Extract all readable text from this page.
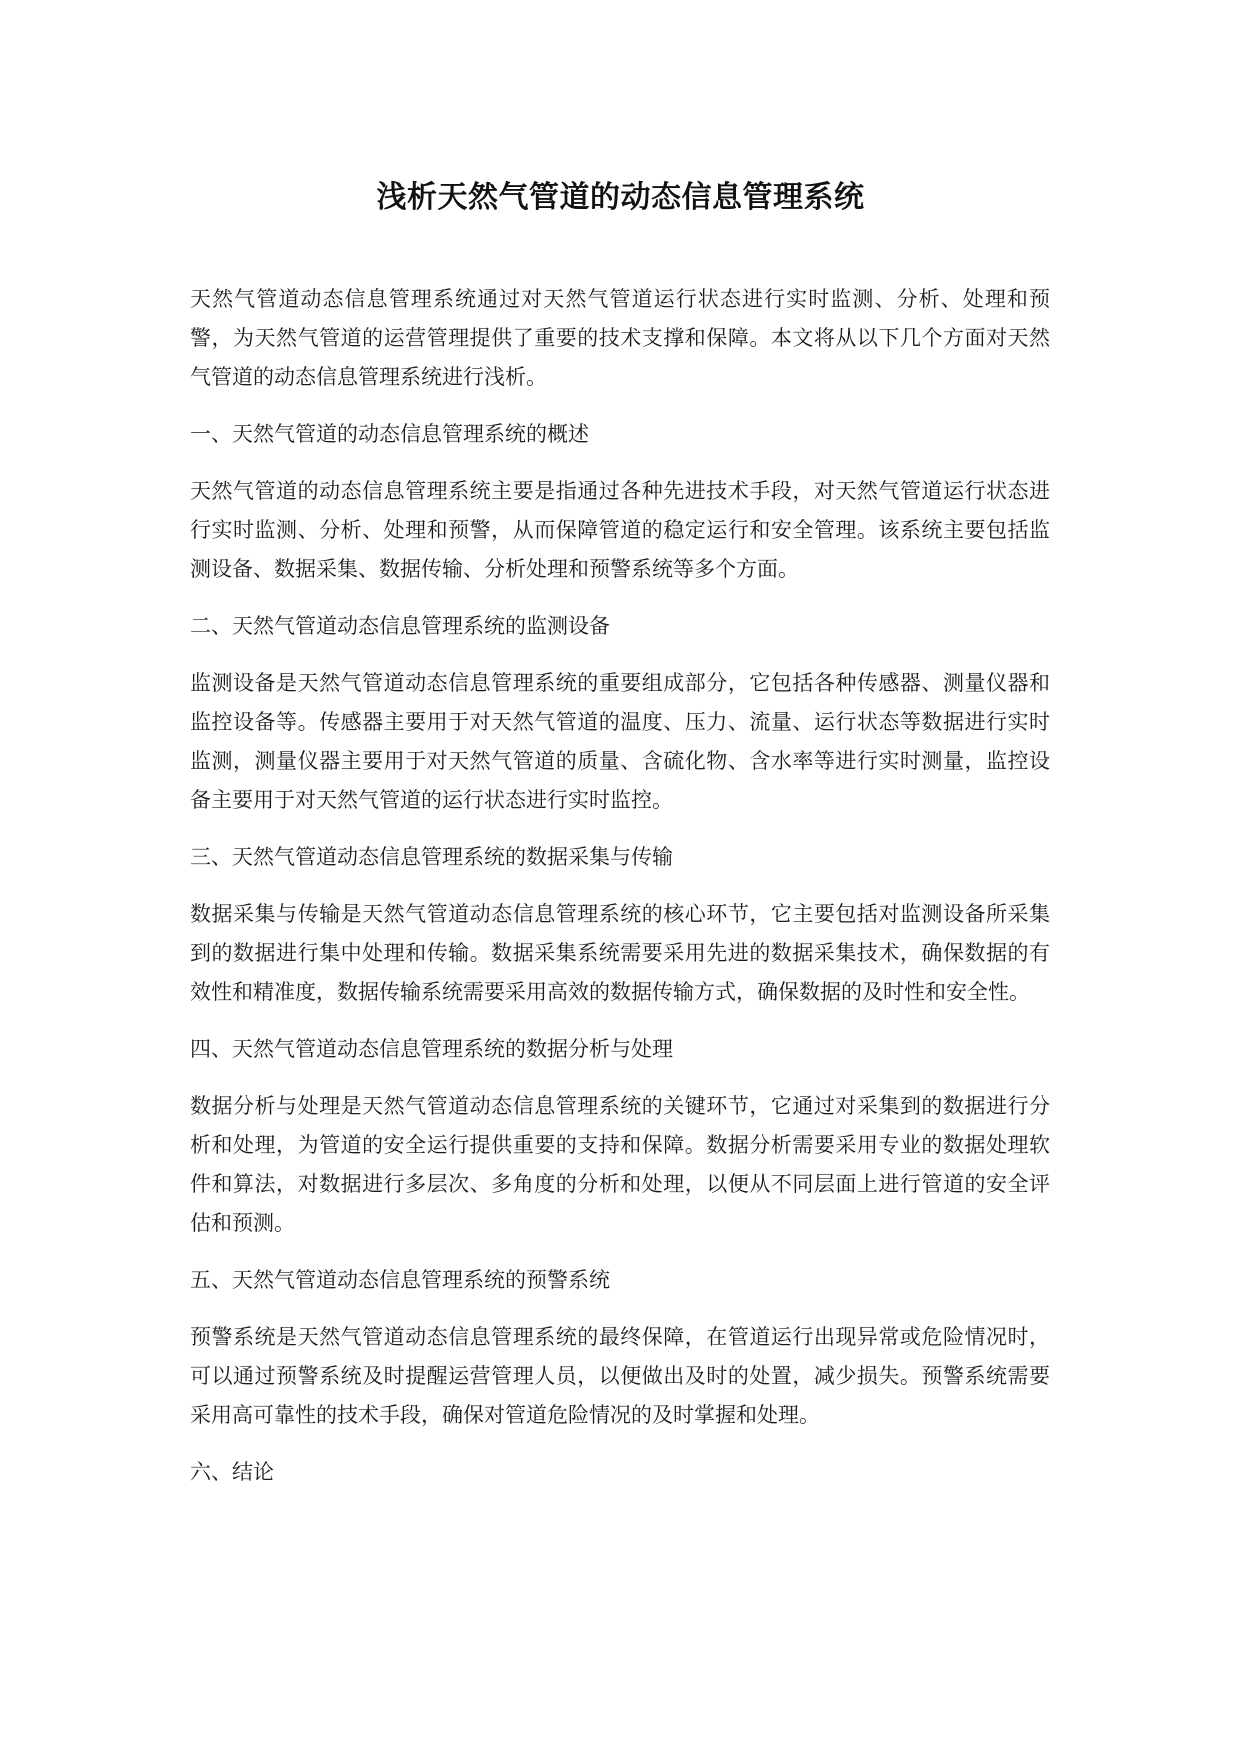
浅析天然气管道的动态信息管理系统

天然气管道动态信息管理系统通过对天然气管道运行状态进行实时监测、分析、处理和预警，为天然气管道的运营管理提供了重要的技术支撑和保障。本文将从以下几个方面对天然气管道的动态信息管理系统进行浅析。

一、天然气管道的动态信息管理系统的概述

天然气管道的动态信息管理系统主要是指通过各种先进技术手段，对天然气管道运行状态进行实时监测、分析、处理和预警，从而保障管道的稳定运行和安全管理。该系统主要包括监测设备、数据采集、数据传输、分析处理和预警系统等多个方面。

二、天然气管道动态信息管理系统的监测设备

监测设备是天然气管道动态信息管理系统的重要组成部分，它包括各种传感器、测量仪器和监控设备等。传感器主要用于对天然气管道的温度、压力、流量、运行状态等数据进行实时监测，测量仪器主要用于对天然气管道的质量、含硫化物、含水率等进行实时测量，监控设备主要用于对天然气管道的运行状态进行实时监控。

三、天然气管道动态信息管理系统的数据采集与传输

数据采集与传输是天然气管道动态信息管理系统的核心环节，它主要包括对监测设备所采集到的数据进行集中处理和传输。数据采集系统需要采用先进的数据采集技术，确保数据的有效性和精准度，数据传输系统需要采用高效的数据传输方式，确保数据的及时性和安全性。

四、天然气管道动态信息管理系统的数据分析与处理

数据分析与处理是天然气管道动态信息管理系统的关键环节，它通过对采集到的数据进行分析和处理，为管道的安全运行提供重要的支持和保障。数据分析需要采用专业的数据处理软件和算法，对数据进行多层次、多角度的分析和处理，以便从不同层面上进行管道的安全评估和预测。

五、天然气管道动态信息管理系统的预警系统

预警系统是天然气管道动态信息管理系统的最终保障，在管道运行出现异常或危险情况时，可以通过预警系统及时提醒运营管理人员，以便做出及时的处置，减少损失。预警系统需要采用高可靠性的技术手段，确保对管道危险情况的及时掌握和处理。

六、结论
